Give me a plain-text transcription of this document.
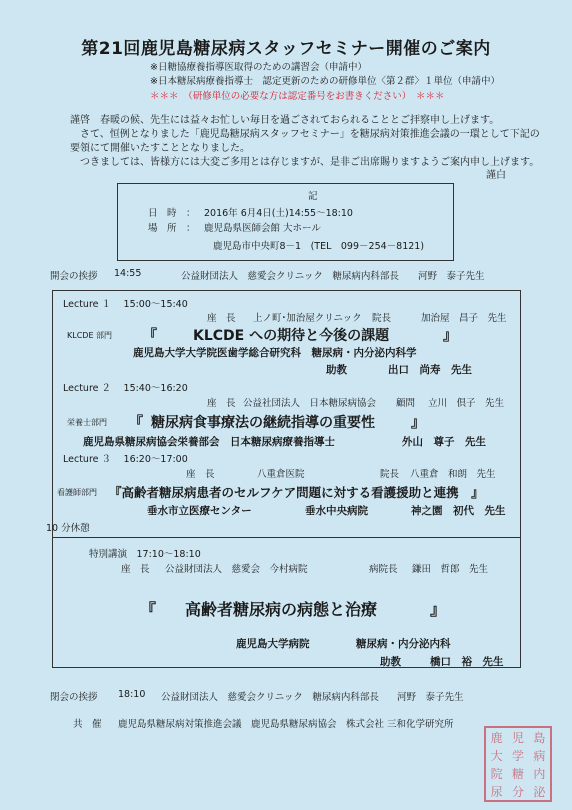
第21回鹿児島糖尿病スタッフセミナー開催のご案内
※日糖協療養指導医取得のための講習会（申請中）
※日本糖尿病療養指導士　認定更新のための研修単位〈第２群〉１単位（申請中）
＊＊＊　（研修単位の必要な方は認定番号をお書きください）　＊＊＊
謹啓　春暖の候、先生には益々お忙しい毎日を過ごされておられることとご拝察申し上げます。
さて、恒例となりました「鹿児島糖尿病スタッフセミナー」を糖尿病対策推進会議の一環として下記の
要領にて開催いたすこととなりました。
つきましては、皆様方には大変ご多用とは存じますが、是非ご出席賜りますようご案内申し上げます。
謹白
記
日　時　： 2016年 6月4日(土)14:55～18:10
場　所　： 鹿児島県医師会館 大ホール
鹿児島市中央町8－1　(TEL　099－254－8121)
開会の挨拶 14:55	公益財団法人　慈愛会クリニック　糖尿病内科部長 河野　泰子先生
Lecture １　 15:00～15:40
座　長 上ノ町･加治屋クリニック 院長	加治屋　昌子　先生
KLCDE 部門 『	KLCDE への期待と今後の課題	』
鹿児島大学大学院医歯学総合研究科　糖尿病・内分泌内科学
助教	出口　尚寿　先生
Lecture ２　 15:40～16:20
座　長 公益社団法人　日本糖尿病協会 顧問 立川　倶子　先生
栄養士部門 『 糖尿病食事療法の継続指導の重要性	』
鹿児島県糖尿病協会栄養部会　日本糖尿病療養指導士	外山　尊子　先生
Lecture ３　 16:20～17:00
座　長	八重倉医院	院長 八重倉　和朗　先生
看護師部門 『高齢者糖尿病患者のセルフケア問題に対する看護援助と連携　』
垂水市立医療センター	垂水中央病院	神之園　初代　先生
10 分休憩
特別講演　17:10～18:10
座　長 公益財団法人　慈愛会　今村病院	病院長 鎌田　哲郎　先生
『 高齢者糖尿病の病態と治療	』
鹿児島大学病院	糖尿病・内分泌内科
助教	橋口　裕　先生
閉会の挨拶 18:10 公益財団法人　慈愛会クリニック　糖尿病内科部長 河野　泰子先生
共　催 鹿児島県糖尿病対策推進会議　鹿児島県糖尿病協会　株式会社 三和化学研究所
鹿 児 島
大 学 病
院 糖 内
尿 分 泌
